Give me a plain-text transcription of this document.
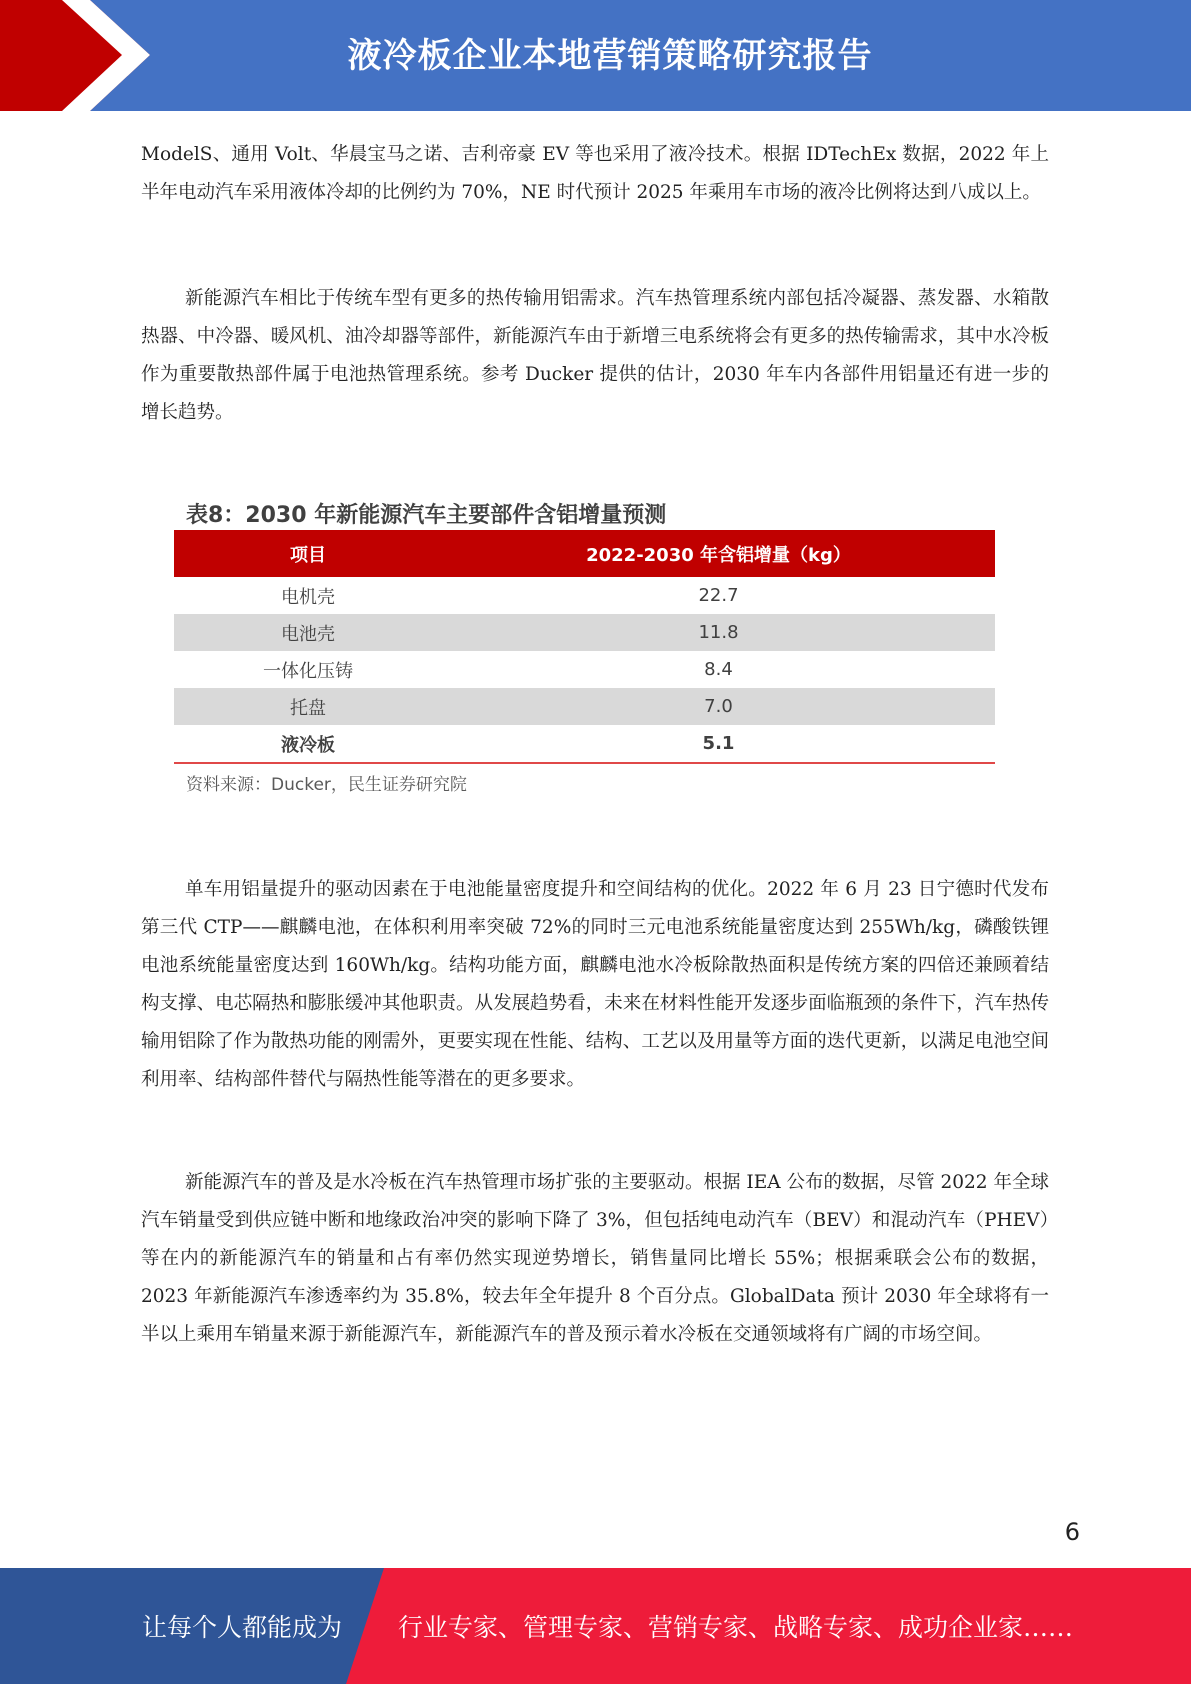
液冷板企业本地营销策略研究报告

ModelS、通用 Volt、华晨宝马之诺、吉利帝豪 EV 等也采用了液冷技术。根据 IDTechEx 数据，2022 年上半年电动汽车采用液体冷却的比例约为 70%，NE 时代预计 2025 年乘用车市场的液冷比例将达到八成以上。

新能源汽车相比于传统车型有更多的热传输用铝需求。汽车热管理系统内部包括冷凝器、蒸发器、水箱散热器、中冷器、暖风机、油冷却器等部件，新能源汽车由于新增三电系统将会有更多的热传输需求，其中水冷板作为重要散热部件属于电池热管理系统。参考 Ducker 提供的估计，2030 年车内各部件用铝量还有进一步的增长趋势。

表8：2030 年新能源汽车主要部件含铝增量预测

项目	2022-2030 年含铝增量（kg）
电机壳	22.7
电池壳	11.8
一体化压铸	8.4
托盘	7.0
液冷板	5.1

资料来源：Ducker，民生证券研究院

单车用铝量提升的驱动因素在于电池能量密度提升和空间结构的优化。2022 年 6 月 23 日宁德时代发布第三代 CTP——麒麟电池，在体积利用率突破 72%的同时三元电池系统能量密度达到 255Wh/kg，磷酸铁锂电池系统能量密度达到 160Wh/kg。结构功能方面，麒麟电池水冷板除散热面积是传统方案的四倍还兼顾着结构支撑、电芯隔热和膨胀缓冲其他职责。从发展趋势看，未来在材料性能开发逐步面临瓶颈的条件下，汽车热传输用铝除了作为散热功能的刚需外，更要实现在性能、结构、工艺以及用量等方面的迭代更新，以满足电池空间利用率、结构部件替代与隔热性能等潜在的更多要求。

新能源汽车的普及是水冷板在汽车热管理市场扩张的主要驱动。根据 IEA 公布的数据，尽管 2022 年全球汽车销量受到供应链中断和地缘政治冲突的影响下降了 3%，但包括纯电动汽车（BEV）和混动汽车（PHEV）等在内的新能源汽车的销量和占有率仍然实现逆势增长，销售量同比增长 55%；根据乘联会公布的数据，2023 年新能源汽车渗透率约为 35.8%，较去年全年提升 8 个百分点。GlobalData 预计 2030 年全球将有一半以上乘用车销量来源于新能源汽车，新能源汽车的普及预示着水冷板在交通领域将有广阔的市场空间。

6
让每个人都能成为 行业专家、管理专家、营销专家、战略专家、成功企业家……
